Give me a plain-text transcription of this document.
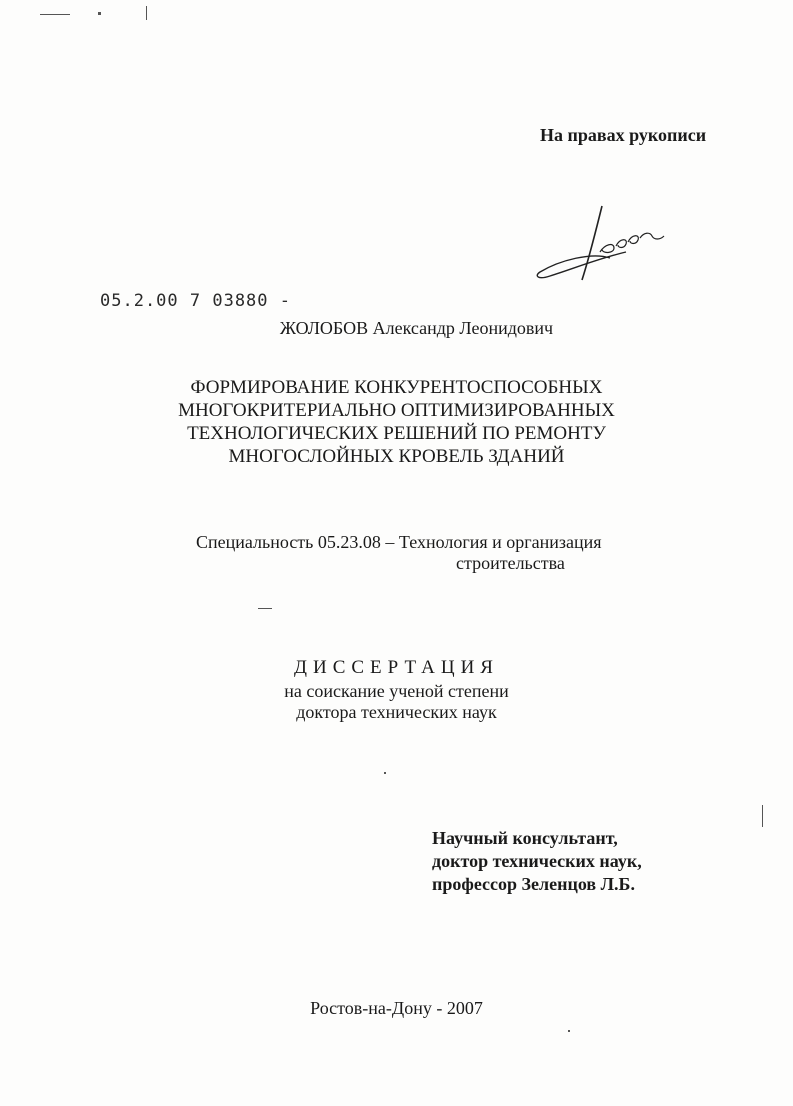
На правах рукописи
05.2.00 7 03880 -
ЖОЛОБОВ Александр Леонидович
ФОРМИРОВАНИЕ КОНКУРЕНТОСПОСОБНЫХ
МНОГОКРИТЕРИАЛЬНО ОПТИМИЗИРОВАННЫХ
ТЕХНОЛОГИЧЕСКИХ РЕШЕНИЙ ПО РЕМОНТУ
МНОГОСЛОЙНЫХ КРОВЕЛЬ ЗДАНИЙ
Специальность 05.23.08 – Технология и организация
строительства
ДИССЕРТАЦИЯ
на соискание ученой степени
доктора технических наук
Научный консультант,
доктор технических наук,
профессор Зеленцов Л.Б.
Ростов-на-Дону - 2007
